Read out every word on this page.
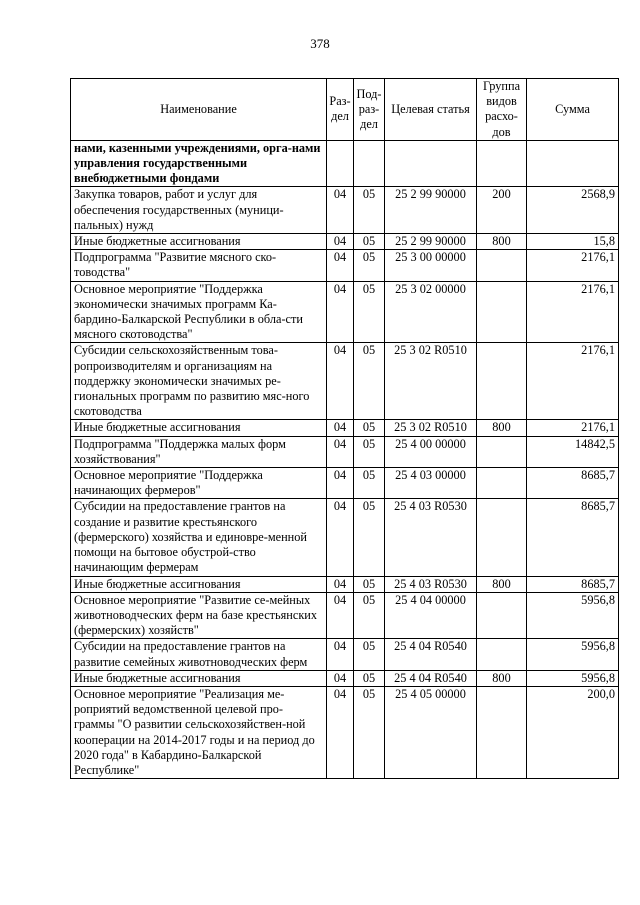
378
Наименование	Раз-дел	Под-раз-дел	Целевая статья	Группа видов расхо-дов	Сумма
нами, казенными учреждениями, орга-нами управления государственными внебюджетными фондами					
Закупка товаров, работ и услуг для обеспечения государственных (муници-пальных) нужд	04	05	25 2 99 90000	200	2568,9
Иные бюджетные ассигнования	04	05	25 2 99 90000	800	15,8
Подпрограмма "Развитие мясного ско-товодства"	04	05	25 3 00 00000		2176,1
Основное мероприятие "Поддержка экономически значимых программ Ка-бардино-Балкарской Республики в обла-сти мясного скотоводства"	04	05	25 3 02 00000		2176,1
Субсидии сельскохозяйственным това-ропроизводителям и организациям на поддержку экономически значимых ре-гиональных программ по развитию мяс-ного скотоводства	04	05	25 3 02 R0510		2176,1
Иные бюджетные ассигнования	04	05	25 3 02 R0510	800	2176,1
Подпрограмма "Поддержка малых форм хозяйствования"	04	05	25 4 00 00000		14842,5
Основное мероприятие "Поддержка начинающих фермеров"	04	05	25 4 03 00000		8685,7
Субсидии на предоставление грантов на создание и развитие крестьянского (фермерского) хозяйства и единовре-менной помощи на бытовое обустрой-ство начинающим фермерам	04	05	25 4 03 R0530		8685,7
Иные бюджетные ассигнования	04	05	25 4 03 R0530	800	8685,7
Основное мероприятие "Развитие се-мейных животноводческих ферм на базе крестьянских (фермерских) хозяйств"	04	05	25 4 04 00000		5956,8
Субсидии на предоставление грантов на развитие семейных животноводческих ферм	04	05	25 4 04 R0540		5956,8
Иные бюджетные ассигнования	04	05	25 4 04 R0540	800	5956,8
Основное мероприятие "Реализация ме-роприятий ведомственной целевой про-граммы "О развитии сельскохозяйствен-ной кооперации на 2014-2017 годы и на период до 2020 года" в Кабардино-Балкарской Республике"	04	05	25 4 05 00000		200,0
